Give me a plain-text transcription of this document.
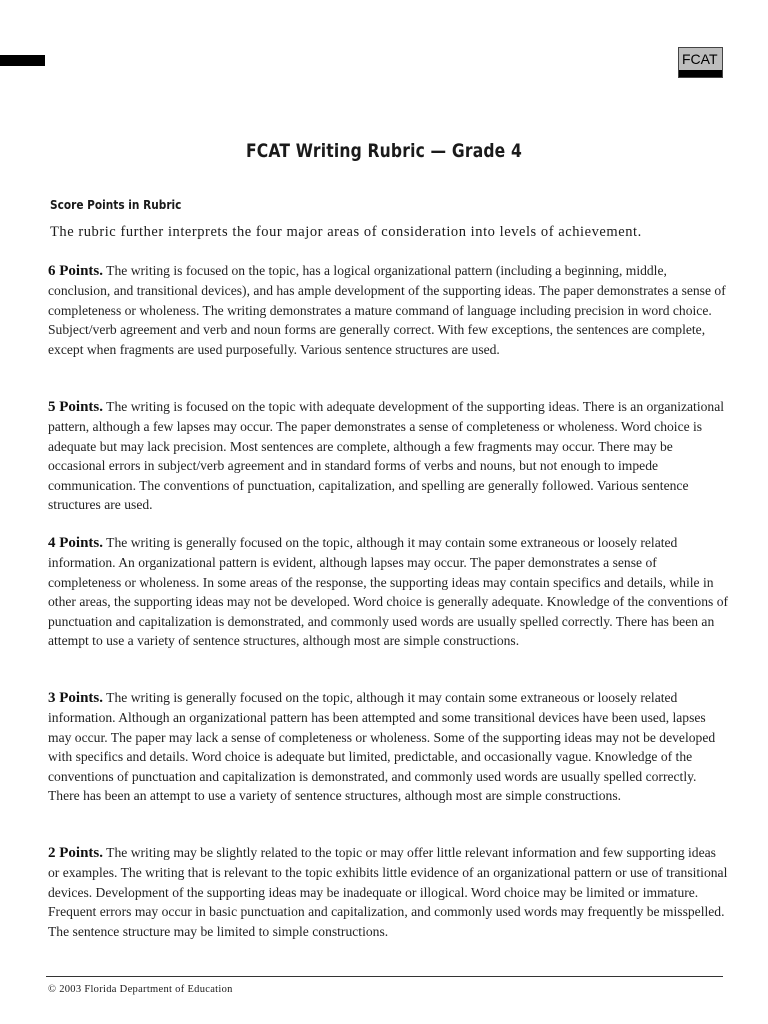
FCAT
FCAT Writing Rubric — Grade 4
Score Points in Rubric

The rubric further interprets the four major areas of consideration into levels of achievement.

6 Points. The writing is focused on the topic, has a logical organizational pattern (including a beginning, middle, conclusion, and transitional devices), and has ample development of the supporting ideas. The paper demonstrates a sense of completeness or wholeness. The writing demonstrates a mature command of language including precision in word choice. Subject/verb agreement and verb and noun forms are generally correct. With few exceptions, the sentences are complete, except when fragments are used purposefully. Various sentence structures are used.

5 Points. The writing is focused on the topic with adequate development of the supporting ideas. There is an organizational pattern, although a few lapses may occur. The paper demonstrates a sense of completeness or wholeness. Word choice is adequate but may lack precision. Most sentences are complete, although a few fragments may occur. There may be occasional errors in subject/verb agreement and in standard forms of verbs and nouns, but not enough to impede communication. The conventions of punctuation, capitalization, and spelling are generally followed. Various sentence structures are used.

4 Points. The writing is generally focused on the topic, although it may contain some extraneous or loosely related information. An organizational pattern is evident, although lapses may occur. The paper demonstrates a sense of completeness or wholeness. In some areas of the response, the supporting ideas may contain specifics and details, while in other areas, the supporting ideas may not be developed. Word choice is generally adequate. Knowledge of the conventions of punctuation and capitalization is demonstrated, and commonly used words are usually spelled correctly. There has been an attempt to use a variety of sentence structures, although most are simple constructions.

3 Points. The writing is generally focused on the topic, although it may contain some extraneous or loosely related information. Although an organizational pattern has been attempted and some transitional devices have been used, lapses may occur. The paper may lack a sense of completeness or wholeness. Some of the supporting ideas may not be developed with specifics and details. Word choice is adequate but limited, predictable, and occasionally vague. Knowledge of the conventions of punctuation and capitalization is demonstrated, and commonly used words are usually spelled correctly. There has been an attempt to use a variety of sentence structures, although most are simple constructions.

2 Points. The writing may be slightly related to the topic or may offer little relevant information and few supporting ideas or examples. The writing that is relevant to the topic exhibits little evidence of an organizational pattern or use of transitional devices. Development of the supporting ideas may be inadequate or illogical. Word choice may be limited or immature. Frequent errors may occur in basic punctuation and capitalization, and commonly used words may frequently be misspelled. The sentence structure may be limited to simple constructions.

© 2003 Florida Department of Education
